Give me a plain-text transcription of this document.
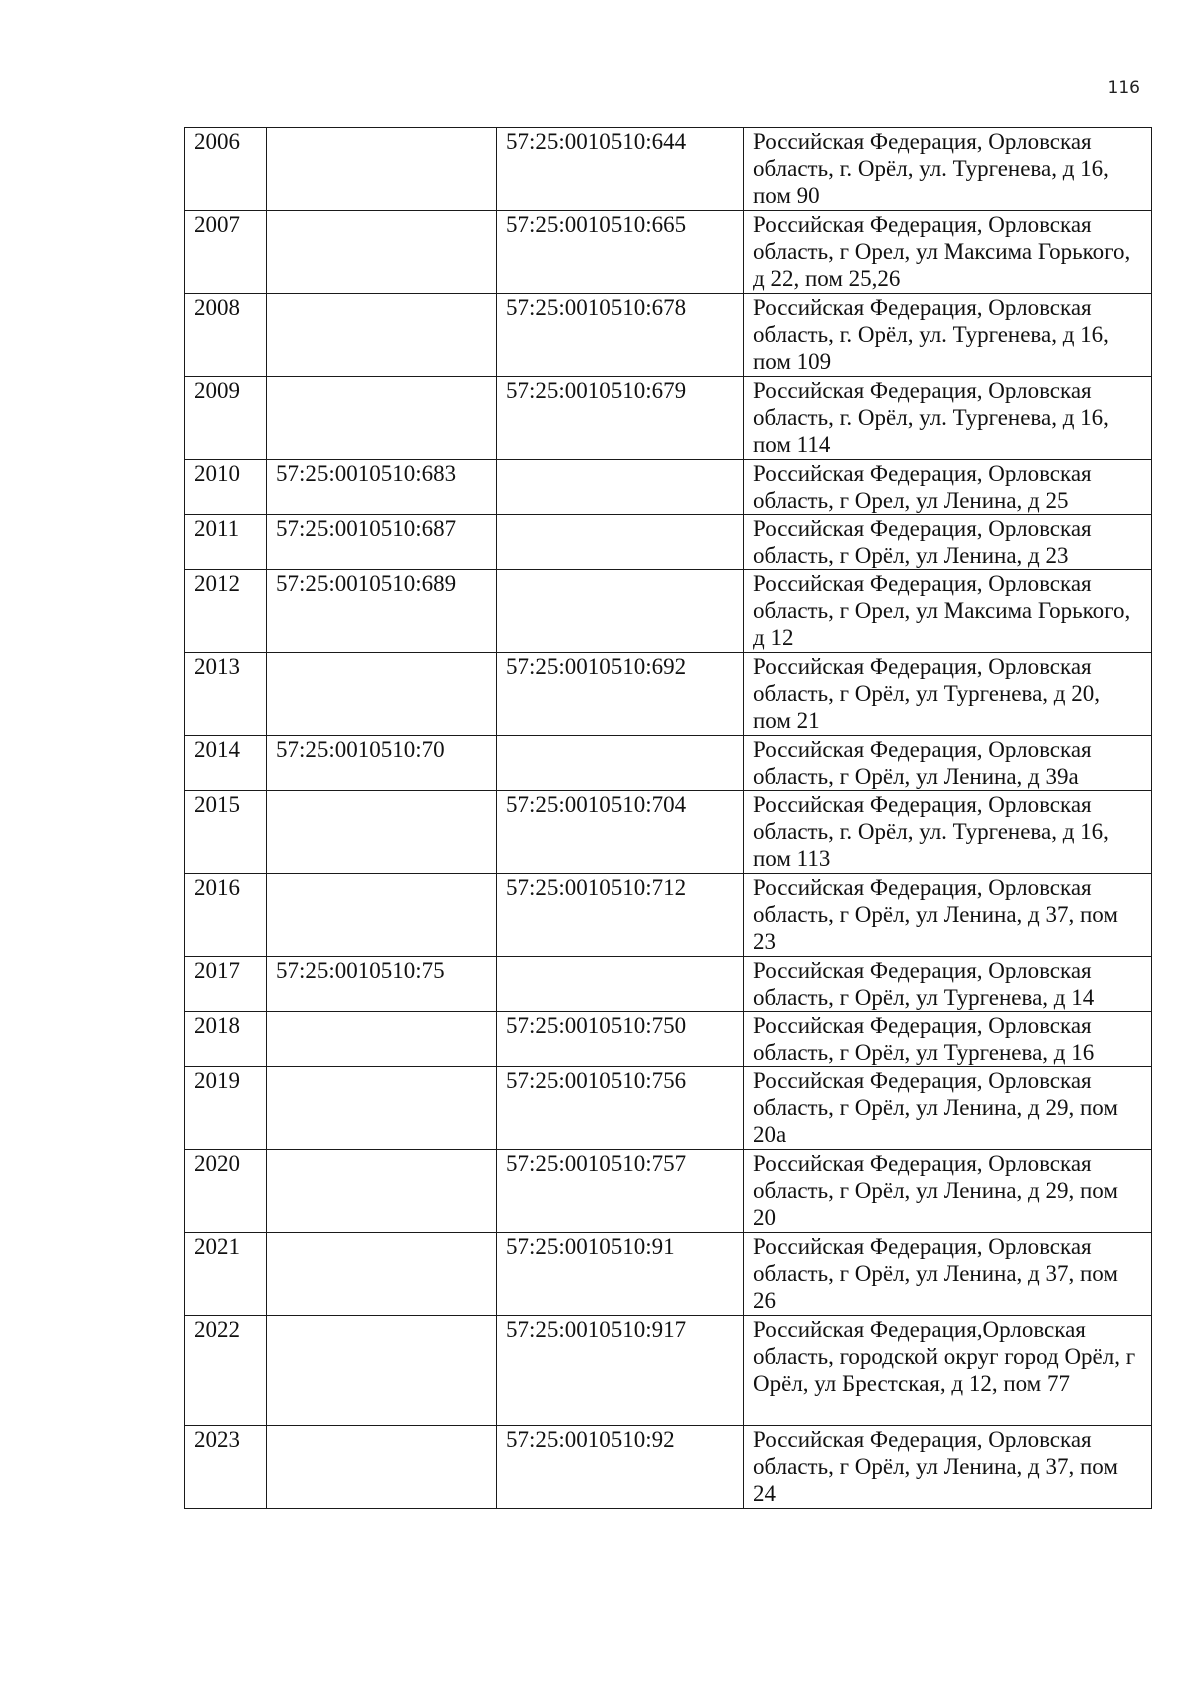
116
2006		57:25:0010510:644	Российская Федерация, Орловская область, г. Орёл, ул. Тургенева, д 16, пом 90
2007		57:25:0010510:665	Российская Федерация, Орловская область, г Орел, ул Максима Горького, д 22, пом 25,26
2008		57:25:0010510:678	Российская Федерация, Орловская область, г. Орёл, ул. Тургенева, д 16, пом 109
2009		57:25:0010510:679	Российская Федерация, Орловская область, г. Орёл, ул. Тургенева, д 16, пом 114
2010	57:25:0010510:683		Российская Федерация, Орловская область, г Орел, ул Ленина, д 25
2011	57:25:0010510:687		Российская Федерация, Орловская область, г Орёл, ул Ленина, д 23
2012	57:25:0010510:689		Российская Федерация, Орловская область, г Орел, ул Максима Горького, д 12
2013		57:25:0010510:692	Российская Федерация, Орловская область, г Орёл, ул Тургенева, д 20, пом 21
2014	57:25:0010510:70		Российская Федерация, Орловская область, г Орёл, ул Ленина, д 39а
2015		57:25:0010510:704	Российская Федерация, Орловская область, г. Орёл, ул. Тургенева, д 16, пом 113
2016		57:25:0010510:712	Российская Федерация, Орловская область, г Орёл, ул Ленина, д 37, пом 23
2017	57:25:0010510:75		Российская Федерация, Орловская область, г Орёл, ул Тургенева, д 14
2018		57:25:0010510:750	Российская Федерация, Орловская область, г Орёл, ул Тургенева, д 16
2019		57:25:0010510:756	Российская Федерация, Орловская область, г Орёл, ул Ленина, д 29, пом 20а
2020		57:25:0010510:757	Российская Федерация, Орловская область, г Орёл, ул Ленина, д 29, пом 20
2021		57:25:0010510:91	Российская Федерация, Орловская область, г Орёл, ул Ленина, д 37, пом 26
2022		57:25:0010510:917	Российская Федерация,Орловская область, городской округ город Орёл, г Орёл, ул Брестская, д 12, пом 77
2023		57:25:0010510:92	Российская Федерация, Орловская область, г Орёл, ул Ленина, д 37, пом 24
